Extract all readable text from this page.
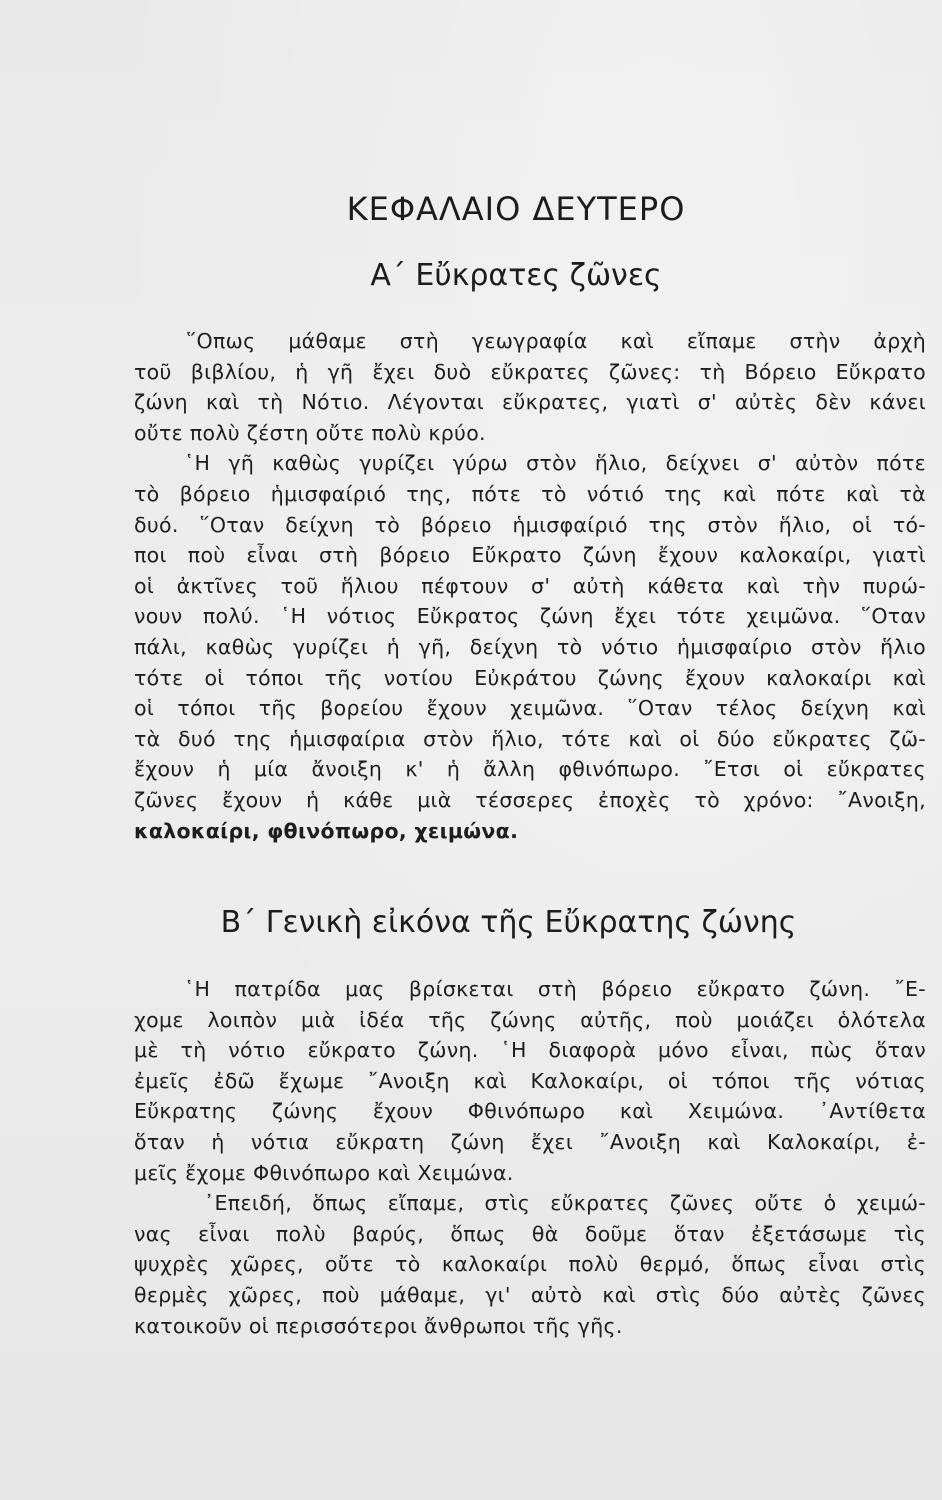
ΚΕΦΑΛΑΙΟ ΔΕΥΤΕΡΟ
Α΄ Εὔκρατες ζῶνες
῞Οπως μάθαμε στὴ γεωγραφία καὶ εἴπαμε στὴν ἀρχὴ
τοῦ βιβλίου, ἡ γῆ ἔχει δυὸ εὔκρατες ζῶνες: τὴ Βόρειο Εὔκρατο
ζώνη καὶ τὴ Νότιο. Λέγονται εὔκρατες, γιατὶ σ' αὐτὲς δὲν κάνει
οὔτε πολὺ ζέστη οὔτε πολὺ κρύο.
῾Η γῆ καθὼς γυρίζει γύρω στὸν ἥλιο, δείχνει σ' αὐτὸν πότε
τὸ βόρειο ἡμισφαίριό της, πότε τὸ νότιό της καὶ πότε καὶ τὰ
δυό. ῞Οταν δείχνη τὸ βόρειο ἡμισφαίριό της στὸν ἥλιο, οἱ τό-
ποι ποὺ εἶναι στὴ βόρειο Εὔκρατο ζώνη ἔχουν καλοκαίρι, γιατὶ
οἱ ἀκτῖνες τοῦ ἥλιου πέφτουν σ' αὐτὴ κάθετα καὶ τὴν πυρώ-
νουν πολύ. ῾Η νότιος Εὔκρατος ζώνη ἔχει τότε χειμῶνα. ῞Οταν
πάλι, καθὼς γυρίζει ἡ γῆ, δείχνη τὸ νότιο ἡμισφαίριο στὸν ἥλιο
τότε οἱ τόποι τῆς νοτίου Εὐκράτου ζώνης ἔχουν καλοκαίρι καὶ
οἱ τόποι τῆς βορείου ἔχουν χειμῶνα. ῞Οταν τέλος δείχνη καὶ
τὰ δυό της ἡμισφαίρια στὸν ἥλιο, τότε καὶ οἱ δύο εὔκρατες ζῶ-
ἔχουν ἡ μία ἄνοιξη κ' ἡ ἄλλη φθινόπωρο. ῎Ετσι οἱ εὔκρατες
ζῶνες ἔχουν ἡ κάθε μιὰ τέσσερες ἐποχὲς τὸ χρόνο: ῎Ανοιξη,
καλοκαίρι, φθινόπωρο, χειμώνα.
Β΄ Γενικὴ εἰκόνα τῆς Εὔκρατης ζώνης
῾Η πατρίδα μας βρίσκεται στὴ βόρειο εὔκρατο ζώνη. ῎Ε-
χομε λοιπὸν μιὰ ἰδέα τῆς ζώνης αὐτῆς, ποὺ μοιάζει ὁλότελα
μὲ τὴ νότιο εὔκρατο ζώνη. ῾Η διαφορὰ μόνο εἶναι, πὼς ὅταν
ἐμεῖς ἐδῶ ἔχωμε ῎Ανοιξη καὶ Καλοκαίρι, οἱ τόποι τῆς νότιας
Εὔκρατης ζώνης ἔχουν Φθινόπωρο καὶ Χειμώνα. ᾿Αντίθετα
ὅταν ἡ νότια εὔκρατη ζώνη ἔχει ῎Ανοιξη καὶ Καλοκαίρι, ἐ-
μεῖς ἔχομε Φθινόπωρο καὶ Χειμώνα.
᾿Επειδή, ὅπως εἴπαμε, στὶς εὔκρατες ζῶνες οὔτε ὁ χειμώ-
νας εἶναι πολὺ βαρύς, ὅπως θὰ δοῦμε ὅταν ἐξετάσωμε τὶς
ψυχρὲς χῶρες, οὔτε τὸ καλοκαίρι πολὺ θερμό, ὅπως εἶναι στὶς
θερμὲς χῶρες, ποὺ μάθαμε, γι' αὐτὸ καὶ στὶς δύο αὐτὲς ζῶνες
κατοικοῦν οἱ περισσότεροι ἄνθρωποι τῆς γῆς.
